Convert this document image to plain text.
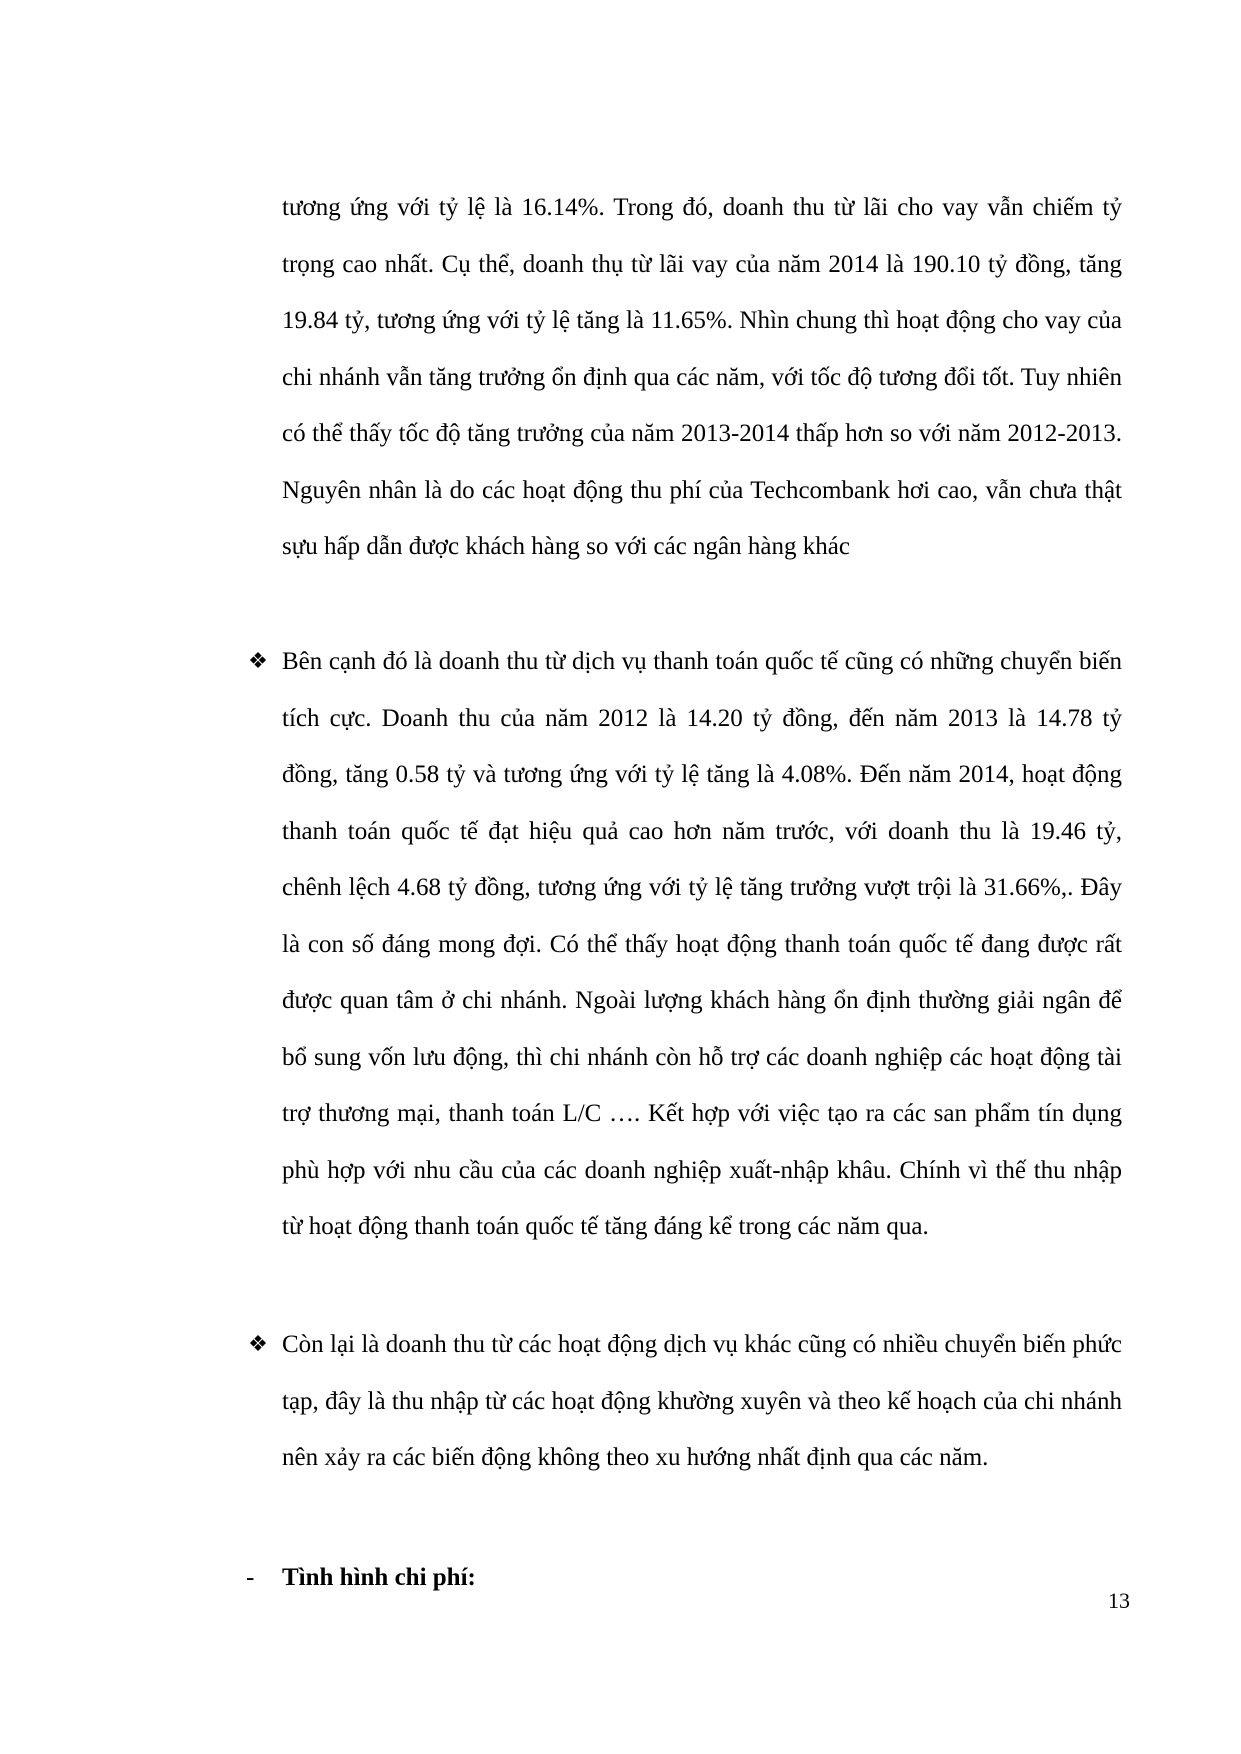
tương ứng với tỷ lệ là 16.14%. Trong đó, doanh thu từ lãi cho vay vẫn chiếm tỷ trọng cao nhất. Cụ thể, doanh thụ từ lãi vay của năm 2014 là 190.10 tỷ đồng, tăng 19.84 tỷ, tương ứng với tỷ lệ tăng là 11.65%. Nhìn chung thì hoạt động cho vay của chi nhánh vẫn tăng trưởng ổn định qua các năm, với tốc độ tương đổi tốt. Tuy nhiên có thể thấy tốc độ tăng trưởng của năm 2013-2014 thấp hơn so với năm 2012-2013. Nguyên nhân là do các hoạt động thu phí của Techcombank hơi cao, vẫn chưa thật sựu hấp dẫn được khách hàng so với các ngân hàng khác

❖ Bên cạnh đó là doanh thu từ dịch vụ thanh toán quốc tế cũng có những chuyển biến tích cực. Doanh thu của năm 2012 là 14.20 tỷ đồng, đến năm 2013 là 14.78 tỷ đồng, tăng 0.58 tỷ và tương ứng với tỷ lệ tăng là 4.08%. Đến năm 2014, hoạt động thanh toán quốc tế đạt hiệu quả cao hơn năm trước, với doanh thu là 19.46 tỷ, chênh lệch 4.68 tỷ đồng, tương ứng với tỷ lệ tăng trưởng vượt trội là 31.66%,. Đây là con số đáng mong đợi. Có thể thấy hoạt động thanh toán quốc tế đang được rất được quan tâm ở chi nhánh. Ngoài lượng khách hàng ổn định thường giải ngân để bổ sung vốn lưu động, thì chi nhánh còn hỗ trợ các doanh nghiệp các hoạt động tài trợ thương mại, thanh toán L/C …. Kết hợp với việc tạo ra các san phẩm tín dụng phù hợp với nhu cầu của các doanh nghiệp xuất-nhập khâu. Chính vì thế thu nhập từ hoạt động thanh toán quốc tế tăng đáng kể trong các năm qua.

❖ Còn lại là doanh thu từ các hoạt động dịch vụ khác cũng có nhiều chuyển biến phức tạp, đây là thu nhập từ các hoạt động khường xuyên và theo kế hoạch của chi nhánh nên xảy ra các biến động không theo xu hướng nhất định qua các năm.

- Tình hình chi phí:
13
